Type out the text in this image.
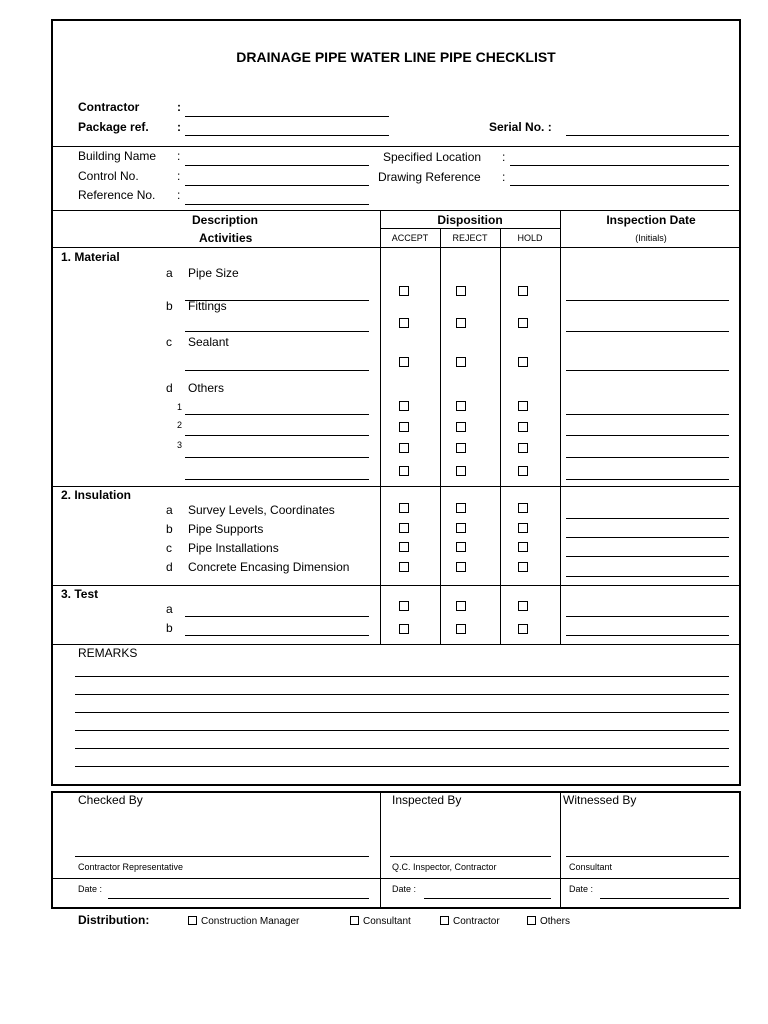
DRAINAGE PIPE WATER LINE PIPE CHECKLIST
Contractor	:
Package ref. :	Serial No. :
Building Name :
Control No.	:
Reference No. :
Specified Location :
Drawing Reference :
Description
Activities
Disposition
ACCEPT	REJECT	HOLD
Inspection Date
(Initials)
1. Material
a Pipe Size
b Fittings
c Sealant
d Others
1
2
3
2. Insulation
a Survey Levels, Coordinates
b Pipe Supports
c Pipe Installations
d Concrete Encasing Dimension
3. Test
a
b
REMARKS
Checked By	Inspected By	Witnessed By
Contractor Representative	Q.C. Inspector, Contractor	Consultant
Date :	Date :	Date :
Distribution:	Construction Manager	Consultant	Contractor	Others
